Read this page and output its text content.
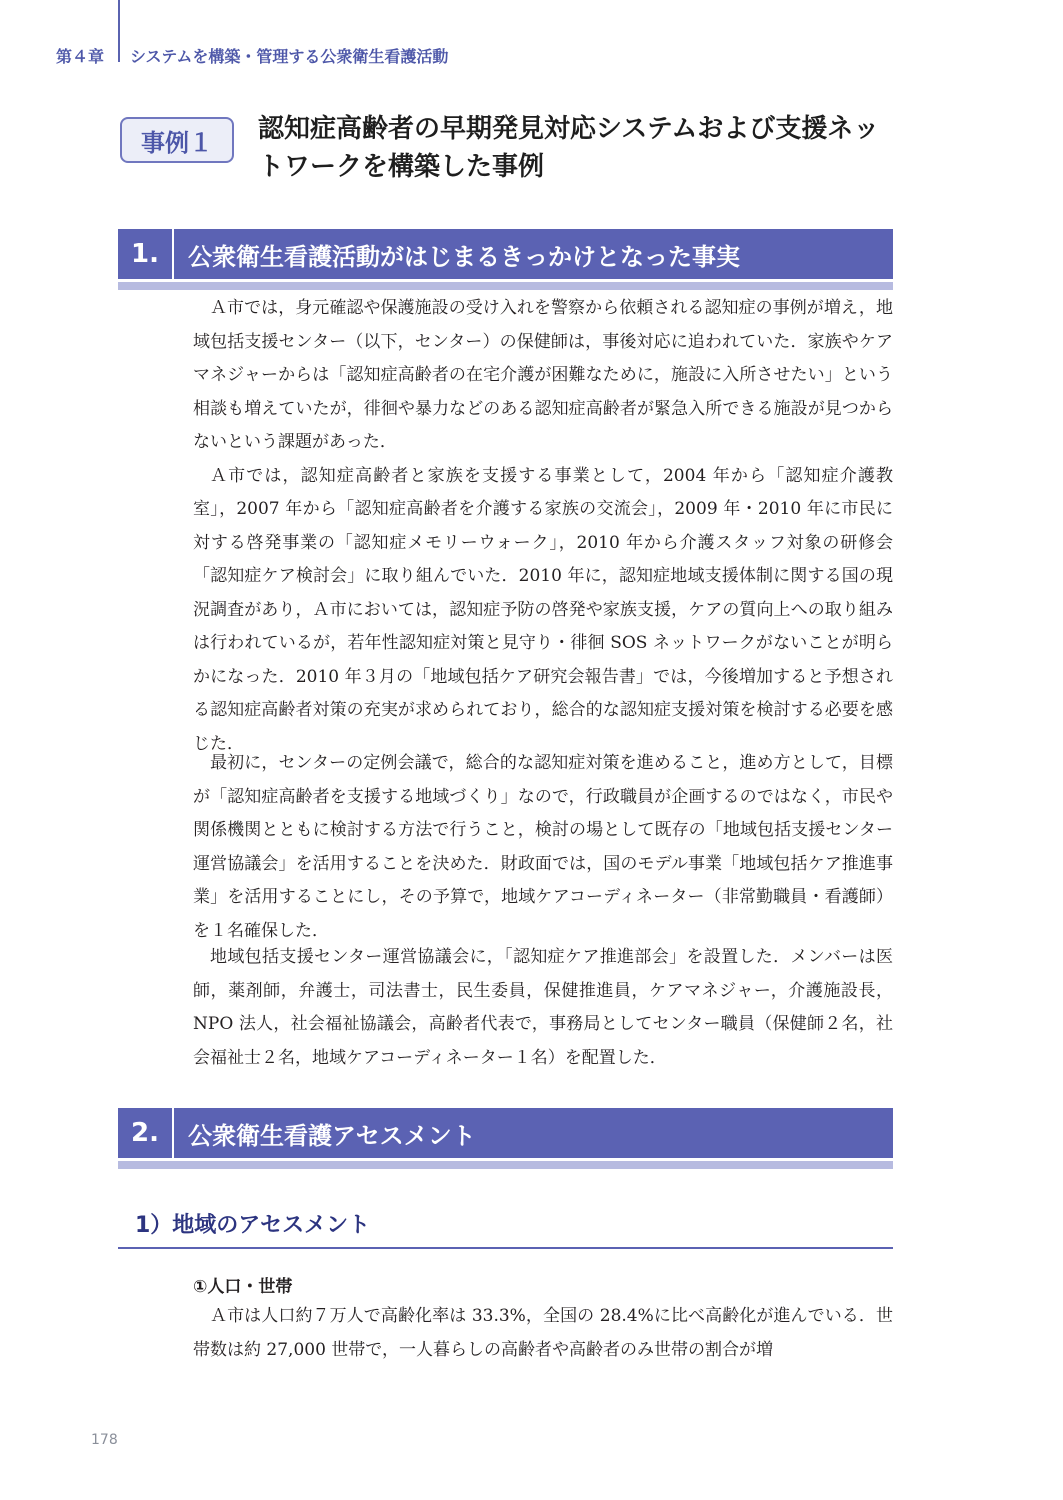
第４章 システムを構築・管理する公衆衛生看護活動
事例１	認知症高齢者の早期発見対応システムおよび支援ネッ
トワークを構築した事例
1.	公衆衛生看護活動がはじまるきっかけとなった事実

Ａ市では，身元確認や保護施設の受け入れを警察から依頼される認知症の事例が増え，地域包括支援センター（以下，センター）の保健師は，事後対応に追われていた．家族やケアマネジャーからは「認知症高齢者の在宅介護が困難なために，施設に入所させたい」という相談も増えていたが，徘徊や暴力などのある認知症高齢者が緊急入所できる施設が見つからないという課題があった．

Ａ市では，認知症高齢者と家族を支援する事業として，2004 年から「認知症介護教室」，2007 年から「認知症高齢者を介護する家族の交流会」，2009 年・2010 年に市民に対する啓発事業の「認知症メモリーウォーク」，2010 年から介護スタッフ対象の研修会「認知症ケア検討会」に取り組んでいた．2010 年に，認知症地域支援体制に関する国の現況調査があり，Ａ市においては，認知症予防の啓発や家族支援，ケアの質向上への取り組みは行われているが，若年性認知症対策と見守り・徘徊 SOS ネットワークがないことが明らかになった．2010 年３月の「地域包括ケア研究会報告書」では，今後増加すると予想される認知症高齢者対策の充実が求められており，総合的な認知症支援対策を検討する必要を感じた．

最初に，センターの定例会議で，総合的な認知症対策を進めること，進め方として，目標が「認知症高齢者を支援する地域づくり」なので，行政職員が企画するのではなく，市民や関係機関とともに検討する方法で行うこと，検討の場として既存の「地域包括支援センター運営協議会」を活用することを決めた．財政面では，国のモデル事業「地域包括ケア推進事業」を活用することにし，その予算で，地域ケアコーディネーター（非常勤職員・看護師）を１名確保した．

地域包括支援センター運営協議会に，「認知症ケア推進部会」を設置した．メンバーは医師，薬剤師，弁護士，司法書士，民生委員，保健推進員，ケアマネジャー，介護施設長，NPO 法人，社会福祉協議会，高齢者代表で，事務局としてセンター職員（保健師２名，社会福祉士２名，地域ケアコーディネーター１名）を配置した．

2.	公衆衛生看護アセスメント
1）地域のアセスメント
①人口・世帯

Ａ市は人口約７万人で高齢化率は 33.3%，全国の 28.4%に比べ高齢化が進んでいる．世帯数は約 27,000 世帯で，一人暮らしの高齢者や高齢者のみ世帯の割合が増

178
